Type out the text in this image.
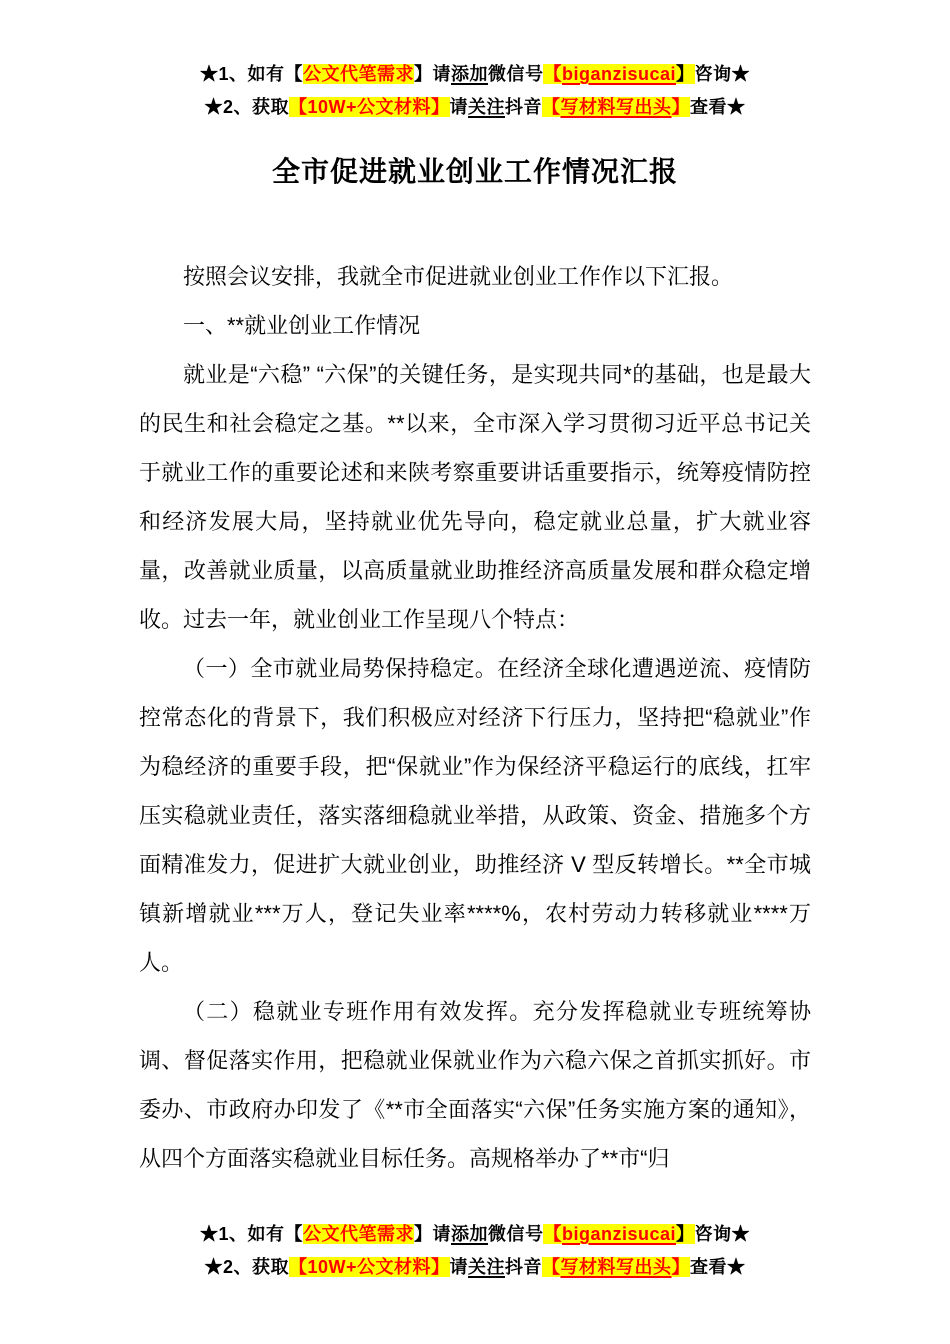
★1、如有【公文代笔需求】请添加微信号【biganzisucai】咨询★
★2、获取【10W+公文材料】请关注抖音【写材料写出头】查看★
全市促进就业创业工作情况汇报

按照会议安排，我就全市促进就业创业工作作以下汇报。

一、**就业创业工作情况

就业是“六稳” “六保”的关键任务，是实现共同*的基础，也是最大的民生和社会稳定之基。**以来，全市深入学习贯彻习近平总书记关于就业工作的重要论述和来陕考察重要讲话重要指示，统筹疫情防控和经济发展大局，坚持就业优先导向，稳定就业总量，扩大就业容量，改善就业质量，以高质量就业助推经济高质量发展和群众稳定增收。过去一年，就业创业工作呈现八个特点：

（一）全市就业局势保持稳定。在经济全球化遭遇逆流、疫情防控常态化的背景下，我们积极应对经济下行压力，坚持把“稳就业”作为稳经济的重要手段，把“保就业”作为保经济平稳运行的底线，扛牢压实稳就业责任，落实落细稳就业举措，从政策、资金、措施多个方面精准发力，促进扩大就业创业，助推经济 V 型反转增长。**全市城镇新增就业***万人，登记失业率****%，农村劳动力转移就业****万人。

（二）稳就业专班作用有效发挥。充分发挥稳就业专班统筹协调、督促落实作用，把稳就业保就业作为六稳六保之首抓实抓好。市委办、市政府办印发了《**市全面落实“六保”任务实施方案的通知》，从四个方面落实稳就业目标任务。高规格举办了**市“归

★1、如有【公文代笔需求】请添加微信号【biganzisucai】咨询★
★2、获取【10W+公文材料】请关注抖音【写材料写出头】查看★
